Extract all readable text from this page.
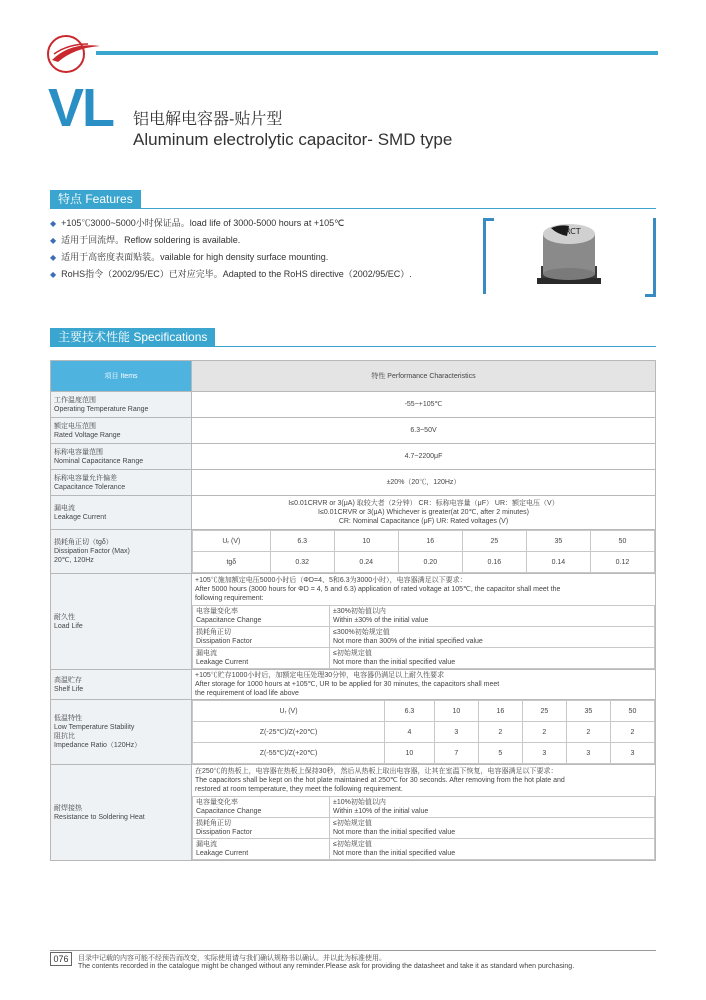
VL 铝电解电容器-贴片型
Aluminum electrolytic capacitor- SMD type
特点 Features
◆ +105℃3000~5000小时保证品。load life of 3000-5000 hours at +105℃
◆ 适用于回流焊。Reflow soldering is available.
◆ 适用于高密度表面贴装。vailable for high density surface mounting.
◆ RoHS指令（2002/95/EC）已对应完毕。Adapted to the RoHS directive（2002/95/EC）.
RCT
主要技术性能 Specifications
项目 Items	特性 Performance Characteristics

工作温度范围
Operating Temperature Range
	-55~+105℃

额定电压范围
Rated Voltage Range
	6.3~50V

标称电容量范围
Nominal Capacitance Range
	4.7~2200μF

标称电容量允许偏差
Capacitance Tolerance
	±20%（20℃，120Hz）

漏电流
Leakage Current

I≤0.01CRVR or 3(μA) 取较大者（2分钟） CR：标称电容量（μF） UR：额定电压（V）
I≤0.01CRVR or 3(μA) Whichever is greater(at 20℃, after 2 minutes)
CR: Nominal Capacitance (μF) UR: Rated voltages (V)

损耗角正切（tgδ）
Dissipation Factor (Max)
20℃, 120Hz

Uᵣ (V)	6.3	10	16	25	35	50
tgδ	0.32	0.24	0.20	0.16	0.14	0.12

耐久性
Load Life

+105℃施加额定电压5000小时后（ΦD=4、5和6.3为3000小时），电容器满足以下要求：
After 5000 hours (3000 hours for ΦD = 4, 5 and 6.3) application of rated voltage at 105℃, the capacitor shall meet the
following requirement:
电容量变化率
Capacitance Change

±30%初始值以内
Within ±30% of the initial value

损耗角正切
Dissipation Factor

≤300%初始规定值
Not more than 300% of the initial specified value

漏电流
Leakage Current

≤初始规定值
Not more than the initial specified value

高温贮存
Shelf Life

+105℃贮存1000小时后，加额定电压处理30分钟，电容器仍满足以上耐久性要求
After storage for 1000 hours at +105℃, UR to be applied for 30 minutes, the capacitors shall meet
the requirement of load life above

低温特性
Low Temperature Stability
阻抗比
Impedance Ratio（120Hz）

Uᵣ (V)	6.3	10	16	25	35	50
Z(-25℃)/Z(+20℃)	4	3	2	2	2	2
Z(-55℃)/Z(+20℃)	10	7	5	3	3	3

耐焊接热
Resistance to Soldering Heat

在250℃的热板上，电容器在热板上保持30秒，然后从热板上取出电容器，让其在室温下恢复，电容器满足以下要求：
The capacitors shall be kept on the hot plate maintained at 250℃ for 30 seconds. After removing from the hot plate and
restored at room temperature, they meet the following requirement.
电容量变化率
Capacitance Change

±10%初始值以内
Within ±10% of the initial value

损耗角正切
Dissipation Factor

≤初始规定值
Not more than the initial specified value

漏电流
Leakage Current

≤初始规定值
Not more than the initial specified value
076	目录中记载的内容可能不经预告而改变，实际使用请与我们确认规格书以确认。并以此为标准使用。
The contents recorded in the catalogue might be changed without any reminder.Please ask for providing the datasheet and take it as standard when purchasing.
